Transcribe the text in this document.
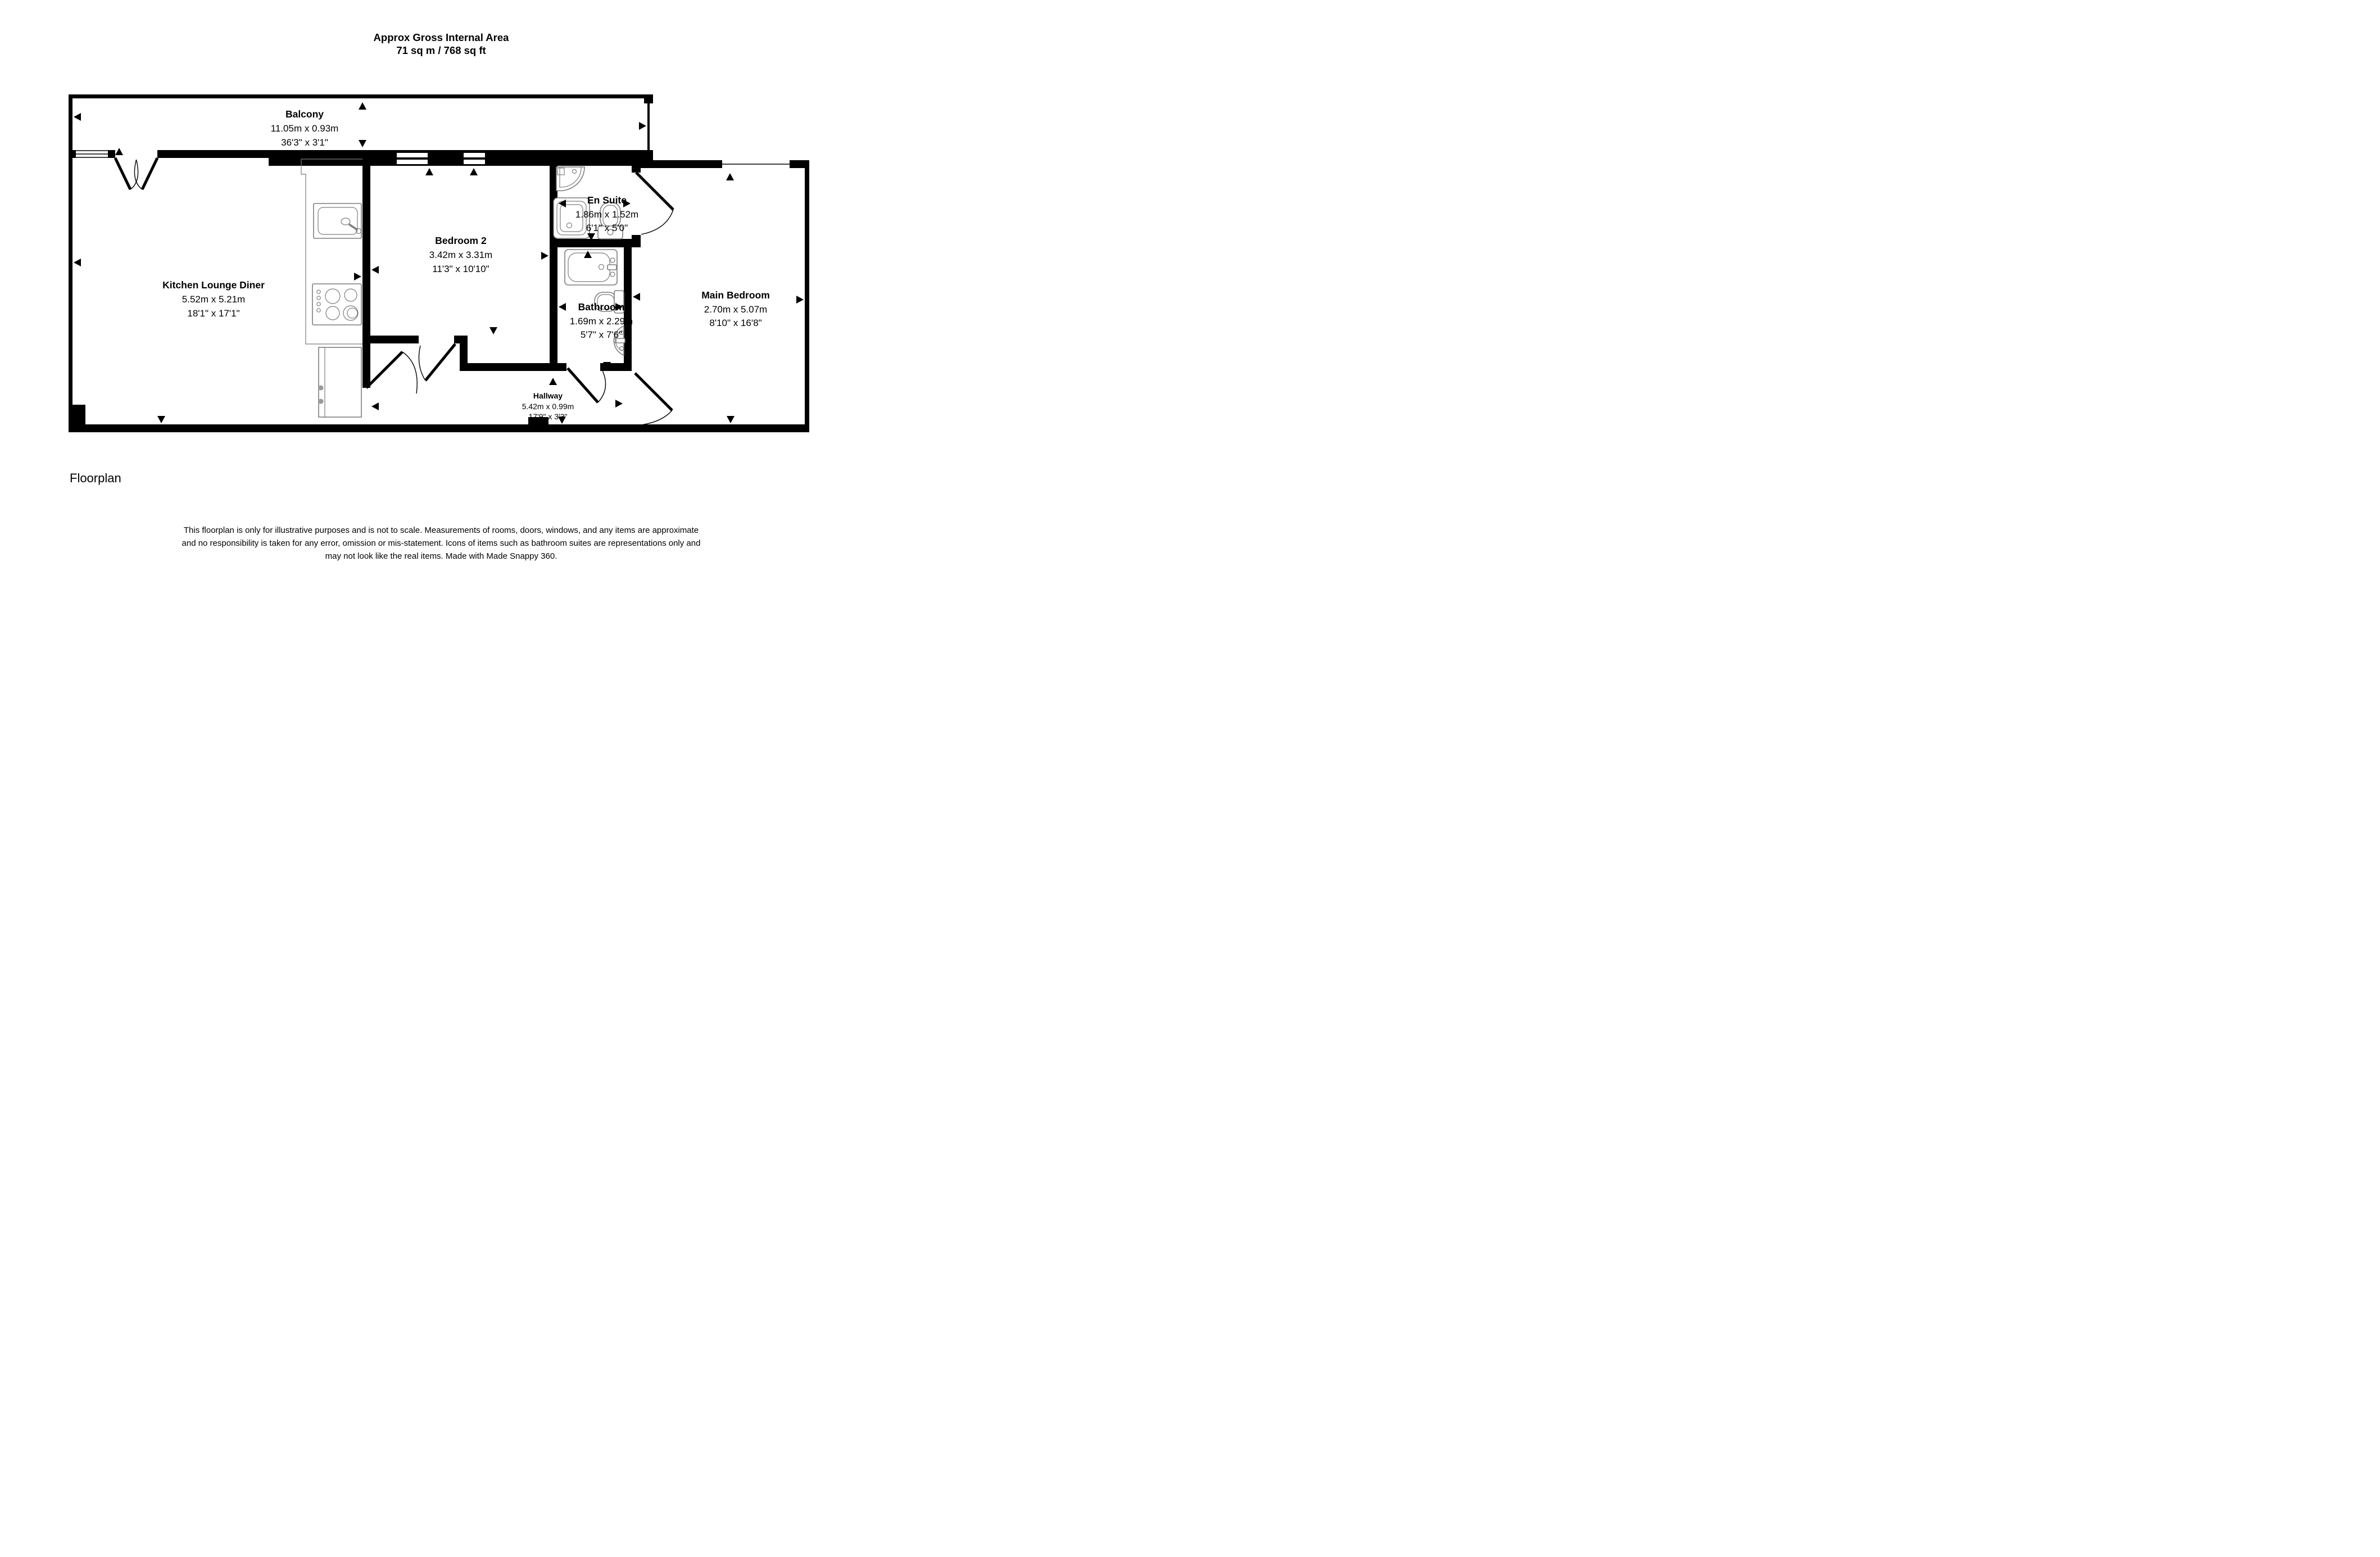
Approx Gross Internal Area
71 sq m / 768 sq ft
Balcony
11.05m x 0.93m
36'3" x 3'1"
Kitchen Lounge Diner
5.52m x 5.21m
18'1" x 17'1"
Bedroom 2
3.42m x 3.31m
11'3" x 10'10"
En Suite
1.86m x 1.52m
6'1" x 5'0"
Bathroom
1.69m x 2.29m
5'7" x 7'6"
Main Bedroom
2.70m x 5.07m
8'10" x 16'8"
Hallway
5.42m x 0.99m
17'9" x 3'3"
Floorplan
This floorplan is only for illustrative purposes and is not to scale. Measurements of rooms, doors, windows, and any items are approximate
and no responsibility is taken for any error, omission or mis-statement. Icons of items such as bathroom suites are representations only and
may not look like the real items. Made with Made Snappy 360.
